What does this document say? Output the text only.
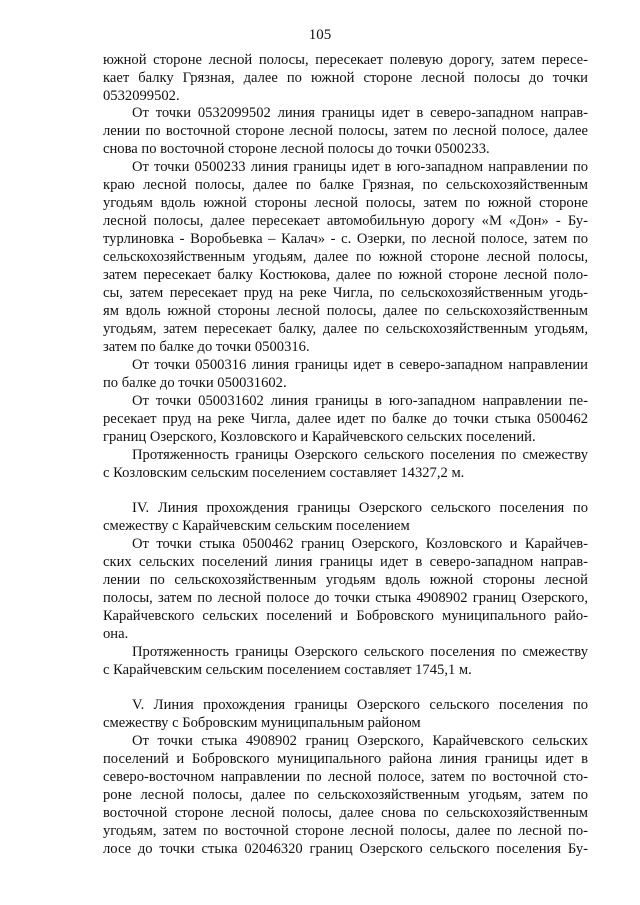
105
южной стороне лесной полосы, пересекает полевую дорогу, затем пересе-
кает балку Грязная, далее по южной стороне лесной полосы до точки
0532099502.
От точки 0532099502 линия границы идет в северо-западном направ-
лении по восточной стороне лесной полосы, затем по лесной полосе, далее
снова по восточной стороне лесной полосы до точки 0500233.
От точки 0500233 линия границы идет в юго-западном направлении по
краю лесной полосы, далее по балке Грязная, по сельскохозяйственным
угодьям вдоль южной стороны лесной полосы, затем по южной стороне
лесной полосы, далее пересекает автомобильную дорогу «М «Дон» - Бу-
турлиновка - Воробьевка – Калач» - с. Озерки, по лесной полосе, затем по
сельскохозяйственным угодьям, далее по южной стороне лесной полосы,
затем пересекает балку Костюкова, далее по южной стороне лесной поло-
сы, затем пересекает пруд на реке Чигла, по сельскохозяйственным угодь-
ям вдоль южной стороны лесной полосы, далее по сельскохозяйственным
угодьям, затем пересекает балку, далее по сельскохозяйственным угодьям,
затем по балке до точки 0500316.
От точки 0500316 линия границы идет в северо-западном направлении
по балке до точки 050031602.
От точки 050031602 линия границы в юго-западном направлении пе-
ресекает пруд на реке Чигла, далее идет по балке до точки стыка 0500462
границ Озерского, Козловского и Карайчевского сельских поселений.
Протяженность границы Озерского сельского поселения по смежеству
с Козловским сельским поселением составляет 14327,2 м.
IV. Линия прохождения границы Озерского сельского поселения по
смежеству с Карайчевским сельским поселением
От точки стыка 0500462 границ Озерского, Козловского и Карайчев-
ских сельских поселений линия границы идет в северо-западном направ-
лении по сельскохозяйственным угодьям вдоль южной стороны лесной
полосы, затем по лесной полосе до точки стыка 4908902 границ Озерского,
Карайчевского сельских поселений и Бобровского муниципального райо-
она.
Протяженность границы Озерского сельского поселения по смежеству
с Карайчевским сельским поселением составляет 1745,1 м.
V. Линия прохождения границы Озерского сельского поселения по
смежеству с Бобровским муниципальным районом
От точки стыка 4908902 границ Озерского, Карайчевского сельских
поселений и Бобровского муниципального района линия границы идет в
северо-восточном направлении по лесной полосе, затем по восточной сто-
роне лесной полосы, далее по сельскохозяйственным угодьям, затем по
восточной стороне лесной полосы, далее снова по сельскохозяйственным
угодьям, затем по восточной стороне лесной полосы, далее по лесной по-
лосе до точки стыка 02046320 границ Озерского сельского поселения Бу-
